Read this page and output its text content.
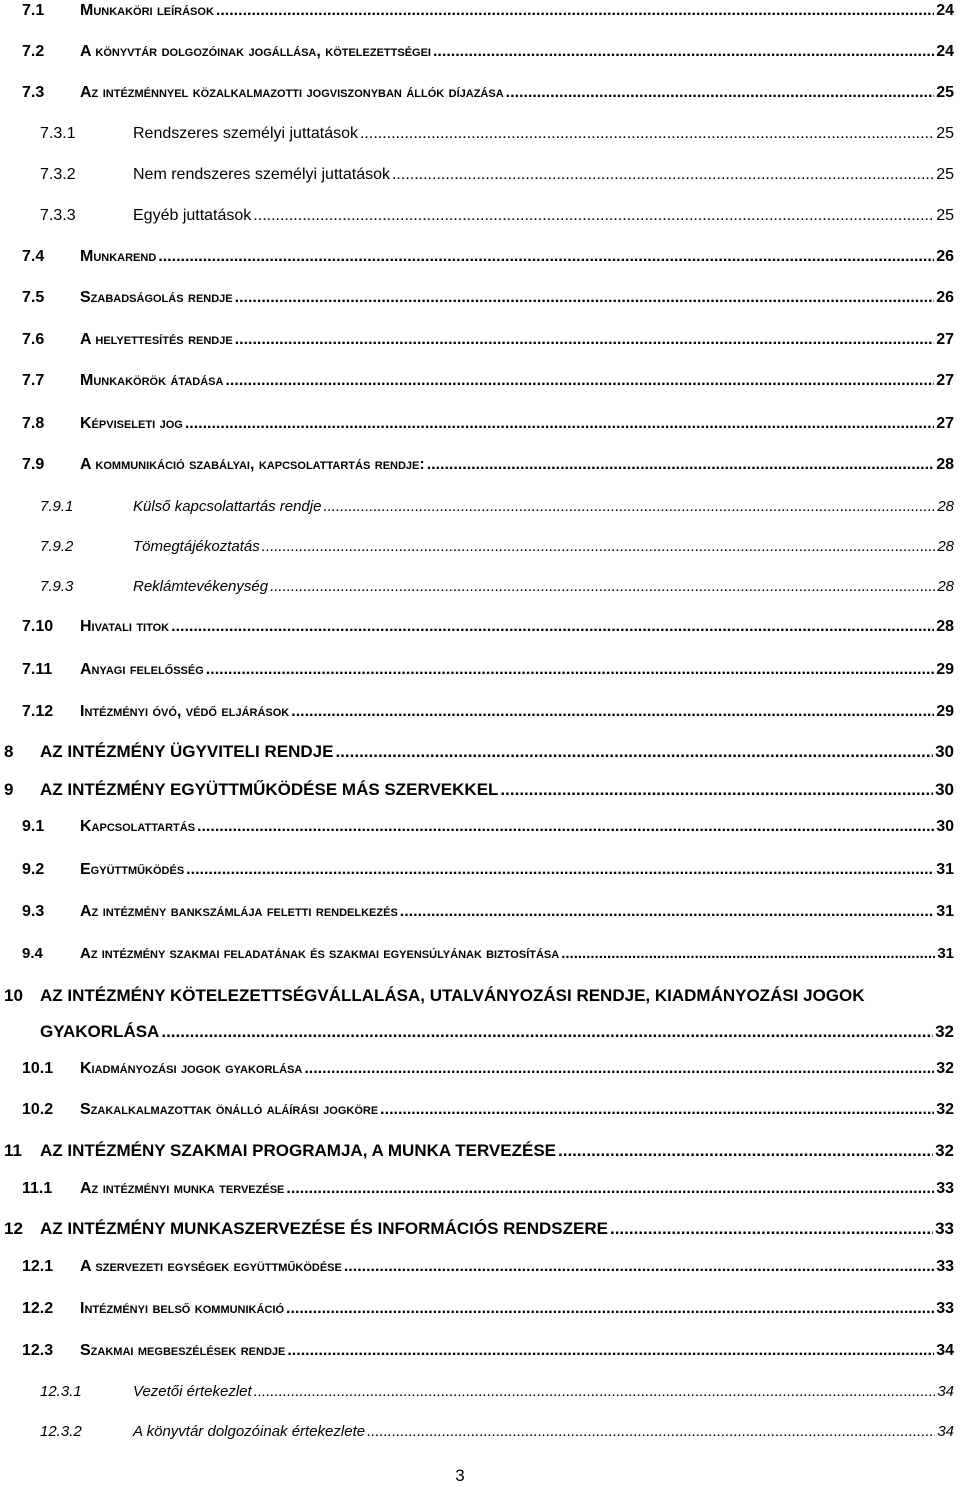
7.1	Munkaköri leírások .....	24
7.2	A könyvtár dolgozóinak jogállása, kötelezettségei .....	24
7.3	Az intézménnyel közalkalmazotti jogviszonyban állók díjazása .....	25
7.3.1	Rendszeres személyi juttatások .....	25
7.3.2	Nem rendszeres személyi juttatások .....	25
7.3.3	Egyéb juttatások .....	25
7.4	Munkarend .....	26
7.5	Szabadságolás rendje .....	26
7.6	A helyettesítés rendje .....	27
7.7	Munkakörök átadása .....	27
7.8	Képviseleti jog .....	27
7.9	A kommunikáció szabályai, kapcsolattartás rendje: .....	28
7.9.1	Külső kapcsolattartás rendje .....	28
7.9.2	Tömegtájékoztatás .....	28
7.9.3	Reklámtevékenység .....	28
7.10	Hivatali titok .....	28
7.11	Anyagi felelősség .....	29
7.12	Intézményi óvó, védő eljárások .....	29
8	AZ INTÉZMÉNY ÜGYVITELI RENDJE .....	30
9	AZ INTÉZMÉNY EGYÜTTMŰKÖDÉSE MÁS SZERVEKKEL .....	30
9.1	Kapcsolattartás .....	30
9.2	Együttműködés .....	31
9.3	Az intézmény bankszámlája feletti rendelkezés .....	31
9.4	Az intézmény szakmai feladatának és szakmai egyensúlyának biztosítása .....	31
10	AZ INTÉZMÉNY KÖTELEZETTSÉGVÁLLALÁSA, UTALVÁNYOZÁSI RENDJE, KIADMÁNYOZÁSI JOGOK
GYAKORLÁSA .....	32
10.1	Kiadmányozási jogok gyakorlása .....	32
10.2	Szakalkalmazottak önálló aláírási jogköre .....	32
11	AZ INTÉZMÉNY SZAKMAI PROGRAMJA, A MUNKA TERVEZÉSE .....	32
11.1	Az intézményi munka tervezése .....	33
12	AZ INTÉZMÉNY MUNKASZERVEZÉSE ÉS INFORMÁCIÓS RENDSZERE .....	33
12.1	A szervezeti egységek együttműködése .....	33
12.2	Intézményi belső kommunikáció .....	33
12.3	Szakmai megbeszélések rendje .....	34
12.3.1	Vezetői értekezlet .....	34
12.3.2	A könyvtár dolgozóinak értekezlete .....	34
3
